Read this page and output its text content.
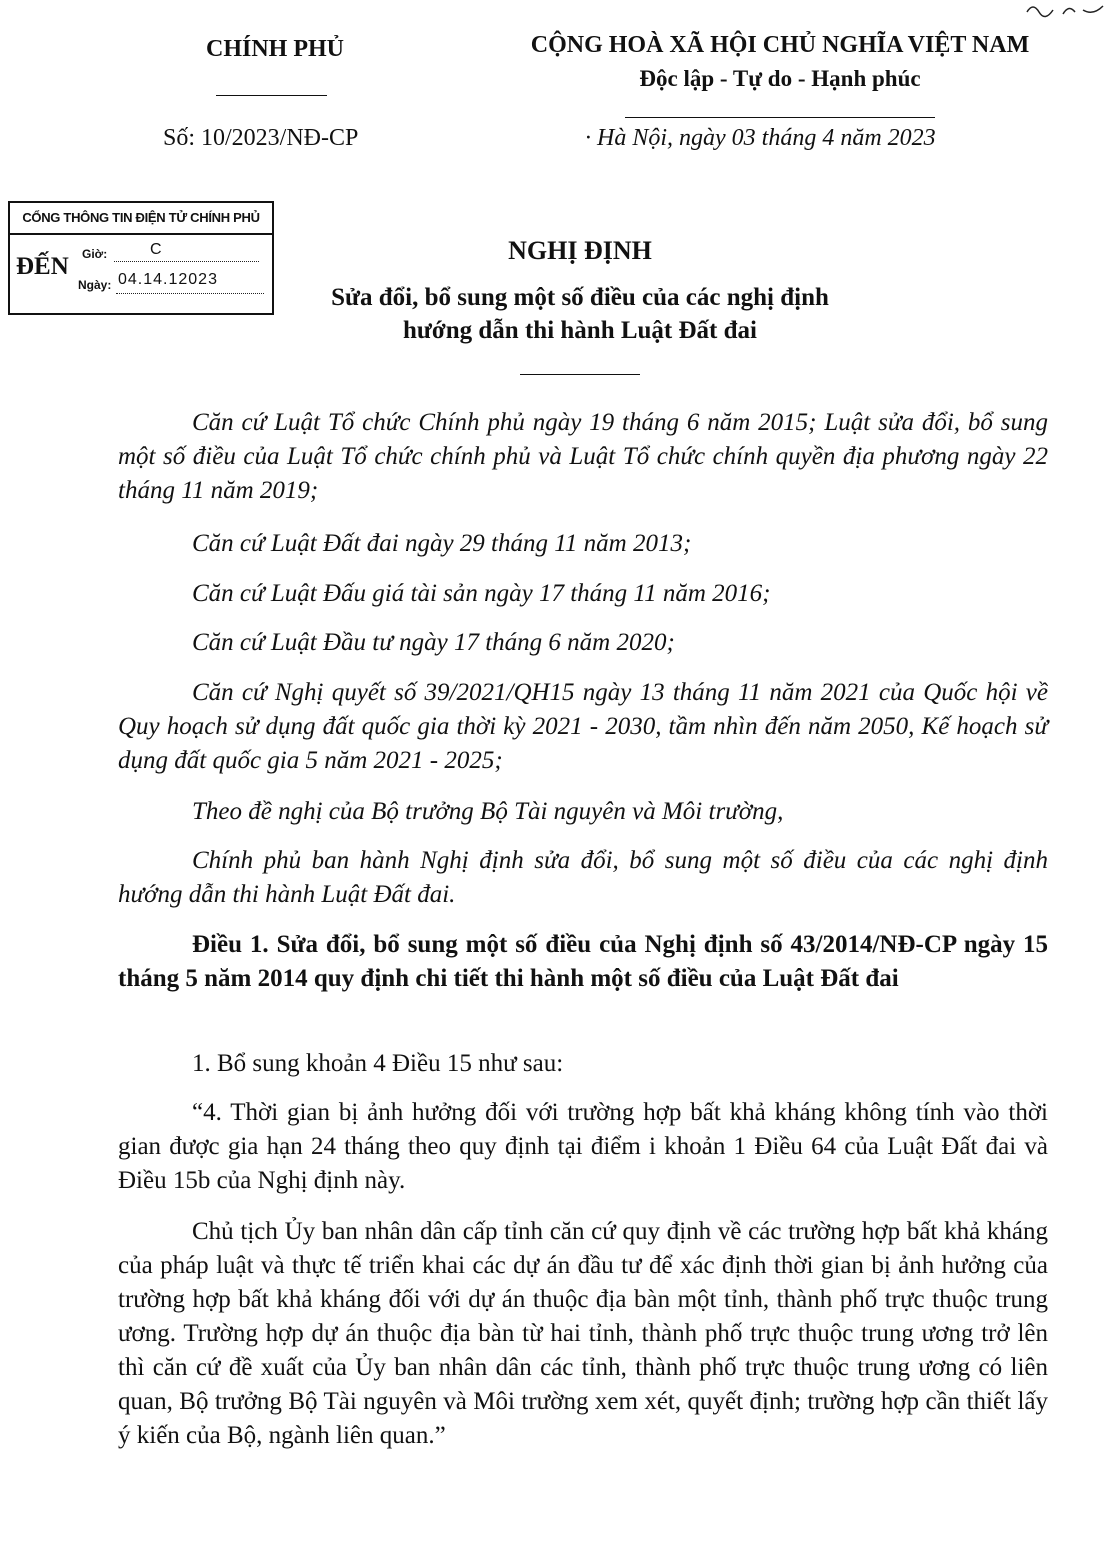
CHÍNH PHỦ
Số: 10/2023/NĐ-CP
CỘNG HOÀ XÃ HỘI CHỦ NGHĨA VIỆT NAM
Độc lập - Tự do - Hạnh phúc
· Hà Nội, ngày 03 tháng 4 năm 2023
CỔNG THÔNG TIN ĐIỆN TỬ CHÍNH PHỦ
ĐẾN Giờ:	C
Ngày: 04.14.12023
NGHỊ ĐỊNH
Sửa đổi, bổ sung một số điều của các nghị định
hướng dẫn thi hành Luật Đất đai

Căn cứ Luật Tổ chức Chính phủ ngày 19 tháng 6 năm 2015; Luật sửa đổi, bổ sung một số điều của Luật Tổ chức chính phủ và Luật Tổ chức chính quyền địa phương ngày 22 tháng 11 năm 2019;

Căn cứ Luật Đất đai ngày 29 tháng 11 năm 2013;

Căn cứ Luật Đấu giá tài sản ngày 17 tháng 11 năm 2016;

Căn cứ Luật Đầu tư ngày 17 tháng 6 năm 2020;

Căn cứ Nghị quyết số 39/2021/QH15 ngày 13 tháng 11 năm 2021 của Quốc hội về Quy hoạch sử dụng đất quốc gia thời kỳ 2021 - 2030, tầm nhìn đến năm 2050, Kế hoạch sử dụng đất quốc gia 5 năm 2021 - 2025;

Theo đề nghị của Bộ trưởng Bộ Tài nguyên và Môi trường,

Chính phủ ban hành Nghị định sửa đổi, bổ sung một số điều của các nghị định hướng dẫn thi hành Luật Đất đai.

Điều 1. Sửa đổi, bổ sung một số điều của Nghị định số 43/2014/NĐ-CP ngày 15 tháng 5 năm 2014 quy định chi tiết thi hành một số điều của Luật Đất đai

1. Bổ sung khoản 4 Điều 15 như sau:

“4. Thời gian bị ảnh hưởng đối với trường hợp bất khả kháng không tính vào thời gian được gia hạn 24 tháng theo quy định tại điểm i khoản 1 Điều 64 của Luật Đất đai và Điều 15b của Nghị định này.

Chủ tịch Ủy ban nhân dân cấp tỉnh căn cứ quy định về các trường hợp bất khả kháng của pháp luật và thực tế triển khai các dự án đầu tư để xác định thời gian bị ảnh hưởng của trường hợp bất khả kháng đối với dự án thuộc địa bàn một tỉnh, thành phố trực thuộc trung ương. Trường hợp dự án thuộc địa bàn từ hai tỉnh, thành phố trực thuộc trung ương trở lên thì căn cứ đề xuất của Ủy ban nhân dân các tỉnh, thành phố trực thuộc trung ương có liên quan, Bộ trưởng Bộ Tài nguyên và Môi trường xem xét, quyết định; trường hợp cần thiết lấy ý kiến của Bộ, ngành liên quan.”
